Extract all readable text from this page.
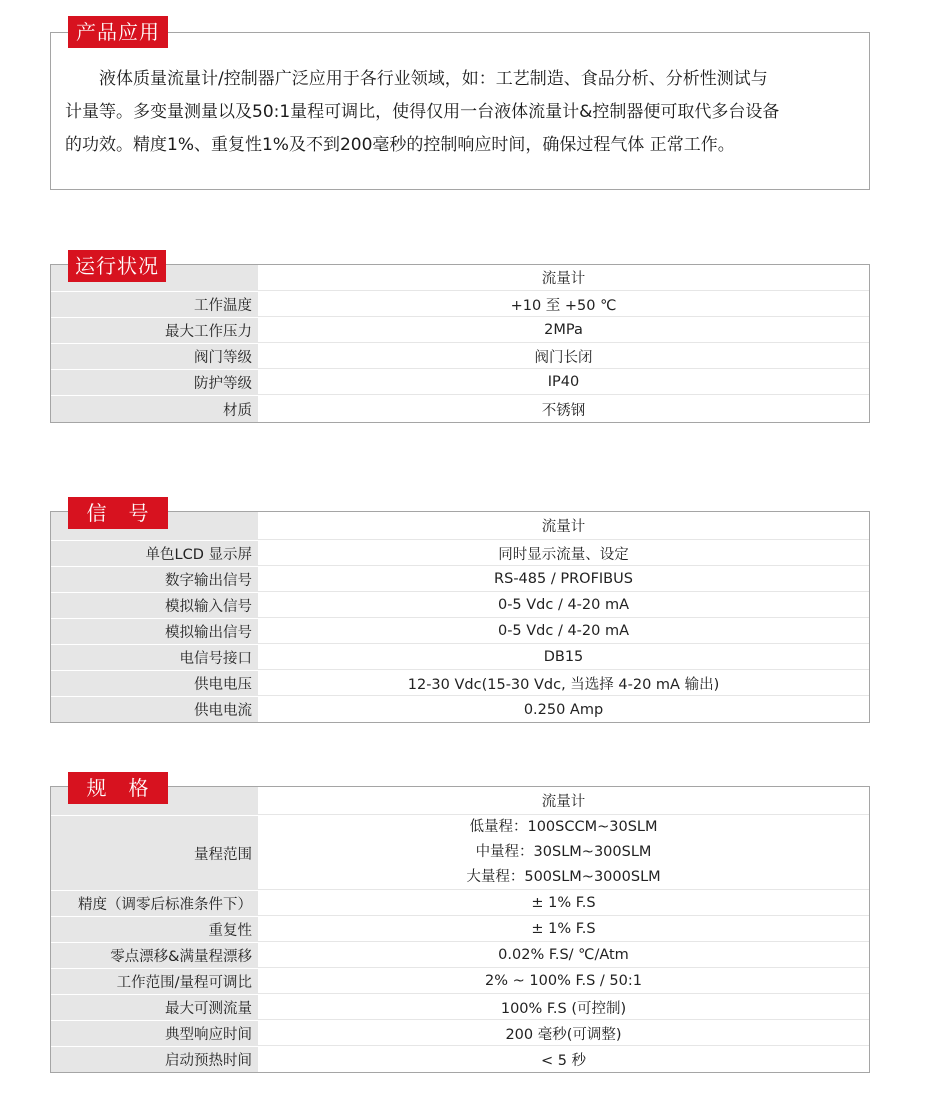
　　液体质量流量计/控制器广泛应用于各行业领域，如：工艺制造、食品分析、分析性测试与
计量等。多变量测量以及50:1量程可调比，使得仅用一台液体流量计&控制器便可取代多台设备
的功效。精度1%、重复性1%及不到200毫秒的控制响应时间，确保过程气体 正常工作。
产品应用
流量计
工作温度	+10 至 +50 ℃
最大工作压力	2MPa
阀门等级	阀门长闭
防护等级	IP40
材质	不锈钢
运行状况
流量计
单色LCD 显示屏	同时显示流量、设定
数字输出信号	RS-485 / PROFIBUS
模拟输入信号	0-5 Vdc / 4-20 mA
模拟输出信号	0-5 Vdc / 4-20 mA
电信号接口	DB15
供电电压	12-30 Vdc(15-30 Vdc, 当选择 4-20 mA 输出)
供电电流	0.250 Amp
信　号
流量计
量程范围
低量程：100SCCM~30SLM
中量程：30SLM~300SLM
大量程：500SLM~3000SLM
精度（调零后标准条件下）	± 1% F.S
重复性	± 1% F.S
零点漂移&满量程漂移	0.02% F.S/ ℃/Atm
工作范围/量程可调比	2% ~ 100% F.S / 50:1
最大可测流量	100% F.S (可控制)
典型响应时间	200 毫秒(可调整)
启动预热时间	< 5 秒
规　格
